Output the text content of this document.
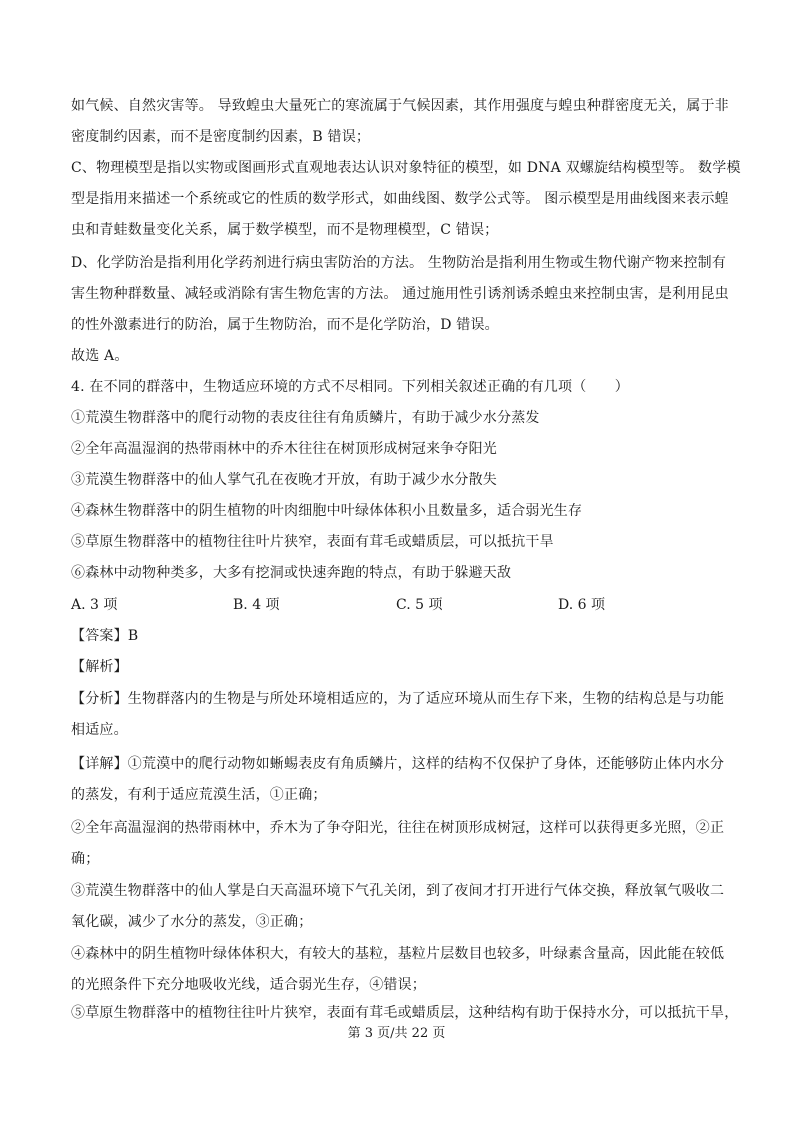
如气候、自然灾害等。 导致蝗虫大量死亡的寒流属于气候因素，其作用强度与蝗虫种群密度无关，属于非
密度制约因素，而不是密度制约因素，B 错误；
C、物理模型是指以实物或图画形式直观地表达认识对象特征的模型，如 DNA 双螺旋结构模型等。 数学模
型是指用来描述一个系统或它的性质的数学形式，如曲线图、数学公式等。 图示模型是用曲线图来表示蝗
虫和青蛙数量变化关系，属于数学模型，而不是物理模型，C 错误；
D、化学防治是指利用化学药剂进行病虫害防治的方法。 生物防治是指利用生物或生物代谢产物来控制有
害生物种群数量、减轻或消除有害生物危害的方法。 通过施用性引诱剂诱杀蝗虫来控制虫害，是利用昆虫
的性外激素进行的防治，属于生物防治，而不是化学防治，D 错误。
故选 A。
4. 在不同的群落中，生物适应环境的方式不尽相同。下列相关叙述正确的有几项（　　）
①荒漠生物群落中的爬行动物的表皮往往有角质鳞片，有助于减少水分蒸发
②全年高温湿润的热带雨林中的乔木往往在树顶形成树冠来争夺阳光
③荒漠生物群落中的仙人掌气孔在夜晚才开放，有助于减少水分散失
④森林生物群落中的阴生植物的叶肉细胞中叶绿体体积小且数量多，适合弱光生存
⑤草原生物群落中的植物往往叶片狭窄，表面有茸毛或蜡质层，可以抵抗干旱
⑥森林中动物种类多，大多有挖洞或快速奔跑的特点，有助于躲避天敌
A. 3 项	B. 4 项	C. 5 项	D. 6 项
【答案】B
【解析】
【分析】生物群落内的生物是与所处环境相适应的，为了适应环境从而生存下来，生物的结构总是与功能
相适应。
【详解】①荒漠中的爬行动物如蜥蜴表皮有角质鳞片，这样的结构不仅保护了身体，还能够防止体内水分
的蒸发，有利于适应荒漠生活，①正确；
②全年高温湿润的热带雨林中，乔木为了争夺阳光，往往在树顶形成树冠，这样可以获得更多光照，②正
确；
③荒漠生物群落中的仙人掌是白天高温环境下气孔关闭，到了夜间才打开进行气体交换，释放氧气吸收二
氧化碳，减少了水分的蒸发，③正确；
④森林中的阴生植物叶绿体体积大，有较大的基粒，基粒片层数目也较多，叶绿素含量高，因此能在较低
的光照条件下充分地吸收光线，适合弱光生存，④错误；
⑤草原生物群落中的植物往往叶片狭窄，表面有茸毛或蜡质层，这种结构有助于保持水分，可以抵抗干旱，
第 3 页/共 22 页
